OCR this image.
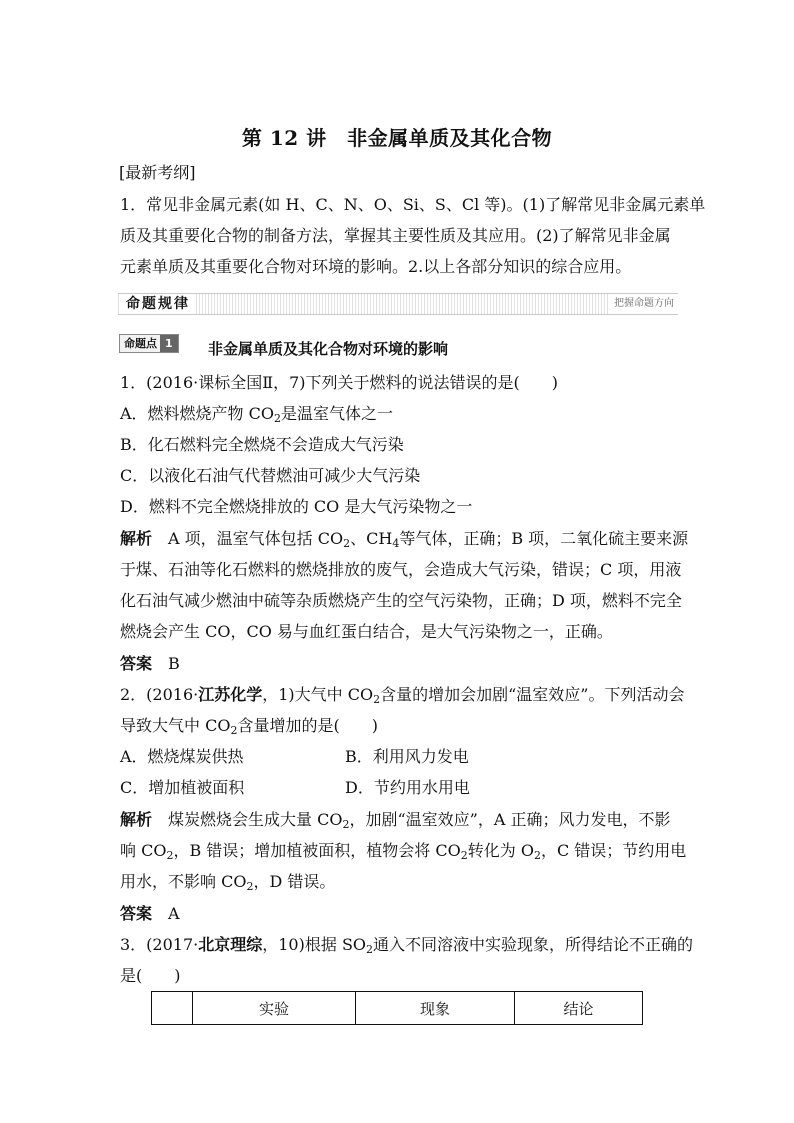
第 12 讲　非金属单质及其化合物
[最新考纲]
1．常见非金属元素(如 H、C、N、O、Si、S、Cl 等)。(1)了解常见非金属元素单
质及其重要化合物的制备方法，掌握其主要性质及其应用。(2)了解常见非金属
元素单质及其重要化合物对环境的影响。2.以上各部分知识的综合应用。
命题规律	把握命题方向
命题点 1	非金属单质及其化合物对环境的影响
1．(2016·课标全国Ⅱ，7)下列关于燃料的说法错误的是(　　)
A．燃料燃烧产物 $CO_2$是温室气体之一
B．化石燃料完全燃烧不会造成大气污染
C．以液化石油气代替燃油可减少大气污染
D．燃料不完全燃烧排放的 CO 是大气污染物之一
解析　A 项，温室气体包括 $CO_2$、$CH_4$等气体，正确；B 项，二氧化硫主要来源
于煤、石油等化石燃料的燃烧排放的废气，会造成大气污染，错误；C 项，用液
化石油气减少燃油中硫等杂质燃烧产生的空气污染物，正确；D 项，燃料不完全
燃烧会产生 CO，CO 易与血红蛋白结合，是大气污染物之一，正确。
答案　B
2．(2016·江苏化学，1)大气中 $CO_2$含量的增加会加剧“温室效应”。下列活动会
导致大气中 $CO_2$含量增加的是(　　)
A．燃烧煤炭供热	B．利用风力发电
C．增加植被面积	D．节约用水用电
解析　煤炭燃烧会生成大量 $CO_2$，加剧“温室效应”，A 正确；风力发电，不影
响 $CO_2$，B 错误；增加植被面积，植物会将 $CO_2$转化为 $O_2$，C 错误；节约用电
用水，不影响 $CO_2$，D 错误。
答案　A
3．(2017·北京理综，10)根据 $SO_2$通入不同溶液中实验现象，所得结论不正确的
是(　　)
	实验	现象	结论
